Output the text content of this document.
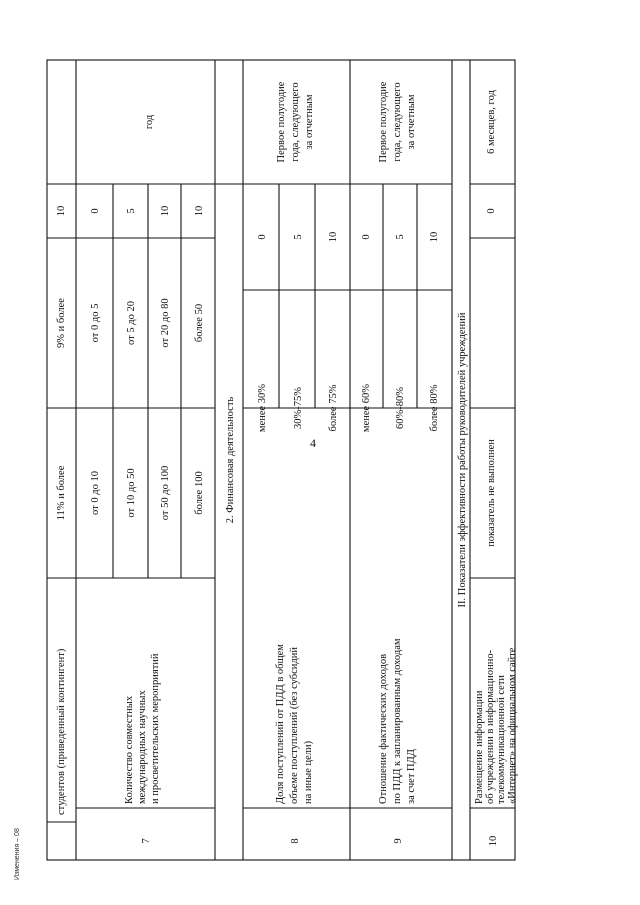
4
студентов (приведенный контингент)
11% и более
9% и более
10
7
Количество совместных международных научных и просветительских мероприятий
от 0 до 10
от 0 до 5
0
от 10 до 50
от 5 до 20
5
от 50 до 100
от 20 до 80
10
более 100
более 50
10
год
2. Финансовая деятельность
8
Доля поступлений от ПДД в общем объеме поступлений (без субсидий на иные цели)
менее 30%
0
30%-75%
5
более 75%
10
Первое полугодие года, следующего за отчетным
9
Отношение фактических доходов по ПДД к запланированным доходам за счет ПДД
менее 60%
0
60%-80%
5
более 80%
10
Первое полугодие года, следующего за отчетным
II. Показатели эффективности работы руководителей учреждений
10
Размещение информации об учреждении в информационно- телекоммуникационной сети «Интернет» на официальном сайте
показатель не выполнен
0
6 месяцев, год
Изменения – 08
